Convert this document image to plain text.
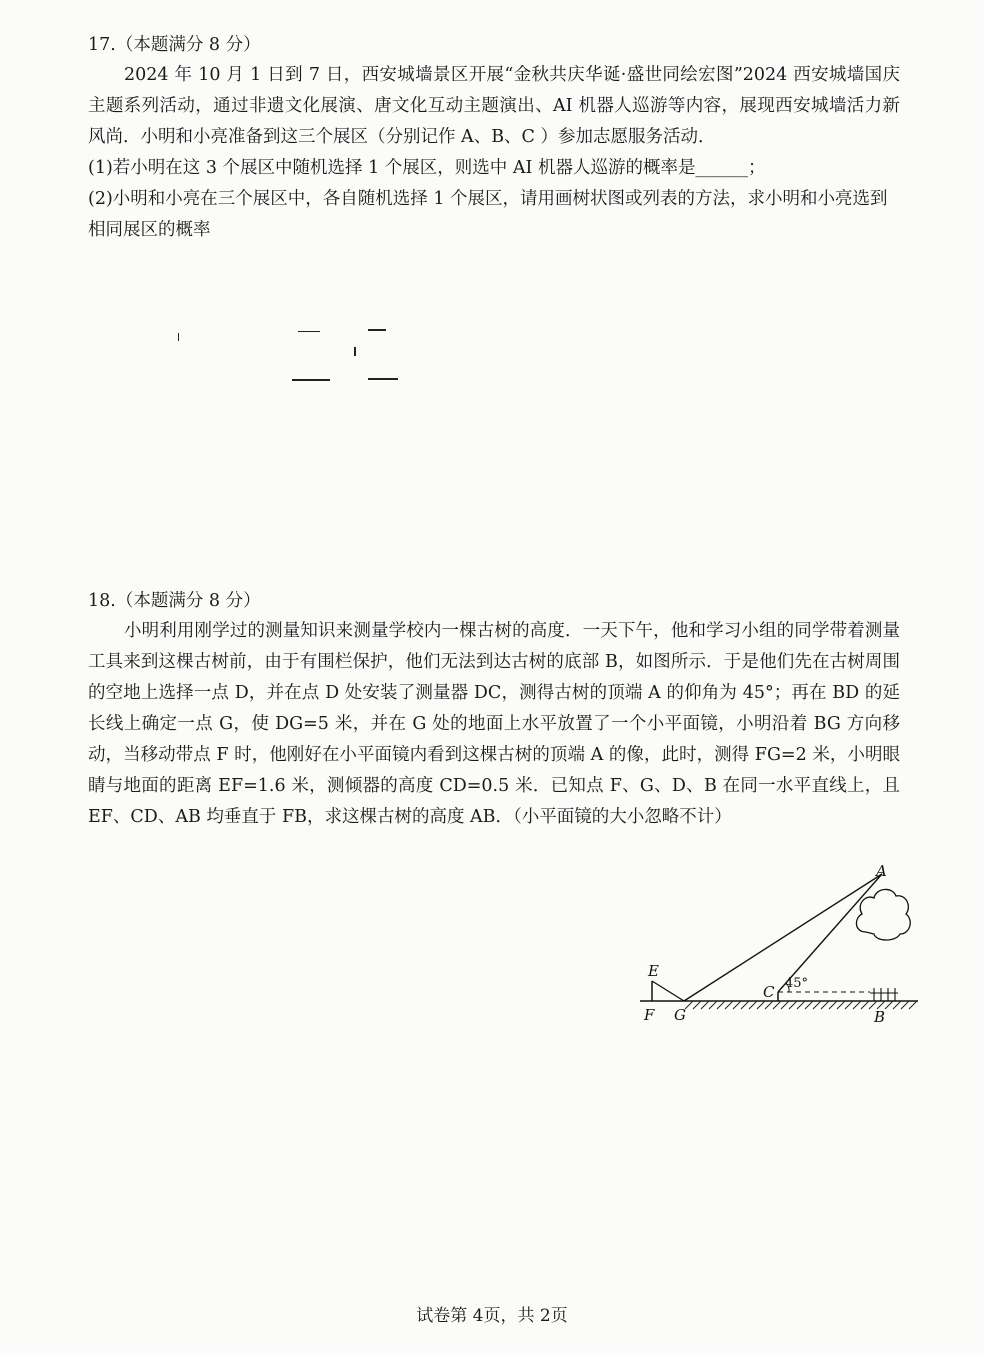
17.（本题满分 8 分）
2024 年 10 月 1 日到 7 日，西安城墙景区开展“金秋共庆华诞·盛世同绘宏图”2024 西安城墙国庆主题系列活动，通过非遗文化展演、唐文化互动主题演出、AI 机器人巡游等内容，展现西安城墙活力新风尚．小明和小亮准备到这三个展区（分别记作 A、B、C ）参加志愿服务活动．
(1)若小明在这 3 个展区中随机选择 1 个展区，则选中 AI 机器人巡游的概率是______；
(2)小明和小亮在三个展区中，各自随机选择 1 个展区，请用画树状图或列表的方法，求小明和小亮选到相同展区的概率
18.（本题满分 8 分）
小明利用刚学过的测量知识来测量学校内一棵古树的高度．一天下午，他和学习小组的同学带着测量工具来到这棵古树前，由于有围栏保护，他们无法到达古树的底部 B，如图所示．于是他们先在古树周围的空地上选择一点 D，并在点 D 处安装了测量器 DC，测得古树的顶端 A 的仰角为 45°；再在 BD 的延长线上确定一点 G，使 DG=5 米，并在 G 处的地面上水平放置了一个小平面镜，小明沿着 BG 方向移动，当移动带点 F 时，他刚好在小平面镜内看到这棵古树的顶端 A 的像，此时，测得 FG=2 米，小明眼睛与地面的距离 EF=1.6 米，测倾器的高度 CD=0.5 米．已知点 F、G、D、B 在同一水平直线上，且 EF、CD、AB 均垂直于 FB，求这棵古树的高度 AB．（小平面镜的大小忽略不计）
A
B
C
E
F G
45°
试卷第 4页，共 2页
